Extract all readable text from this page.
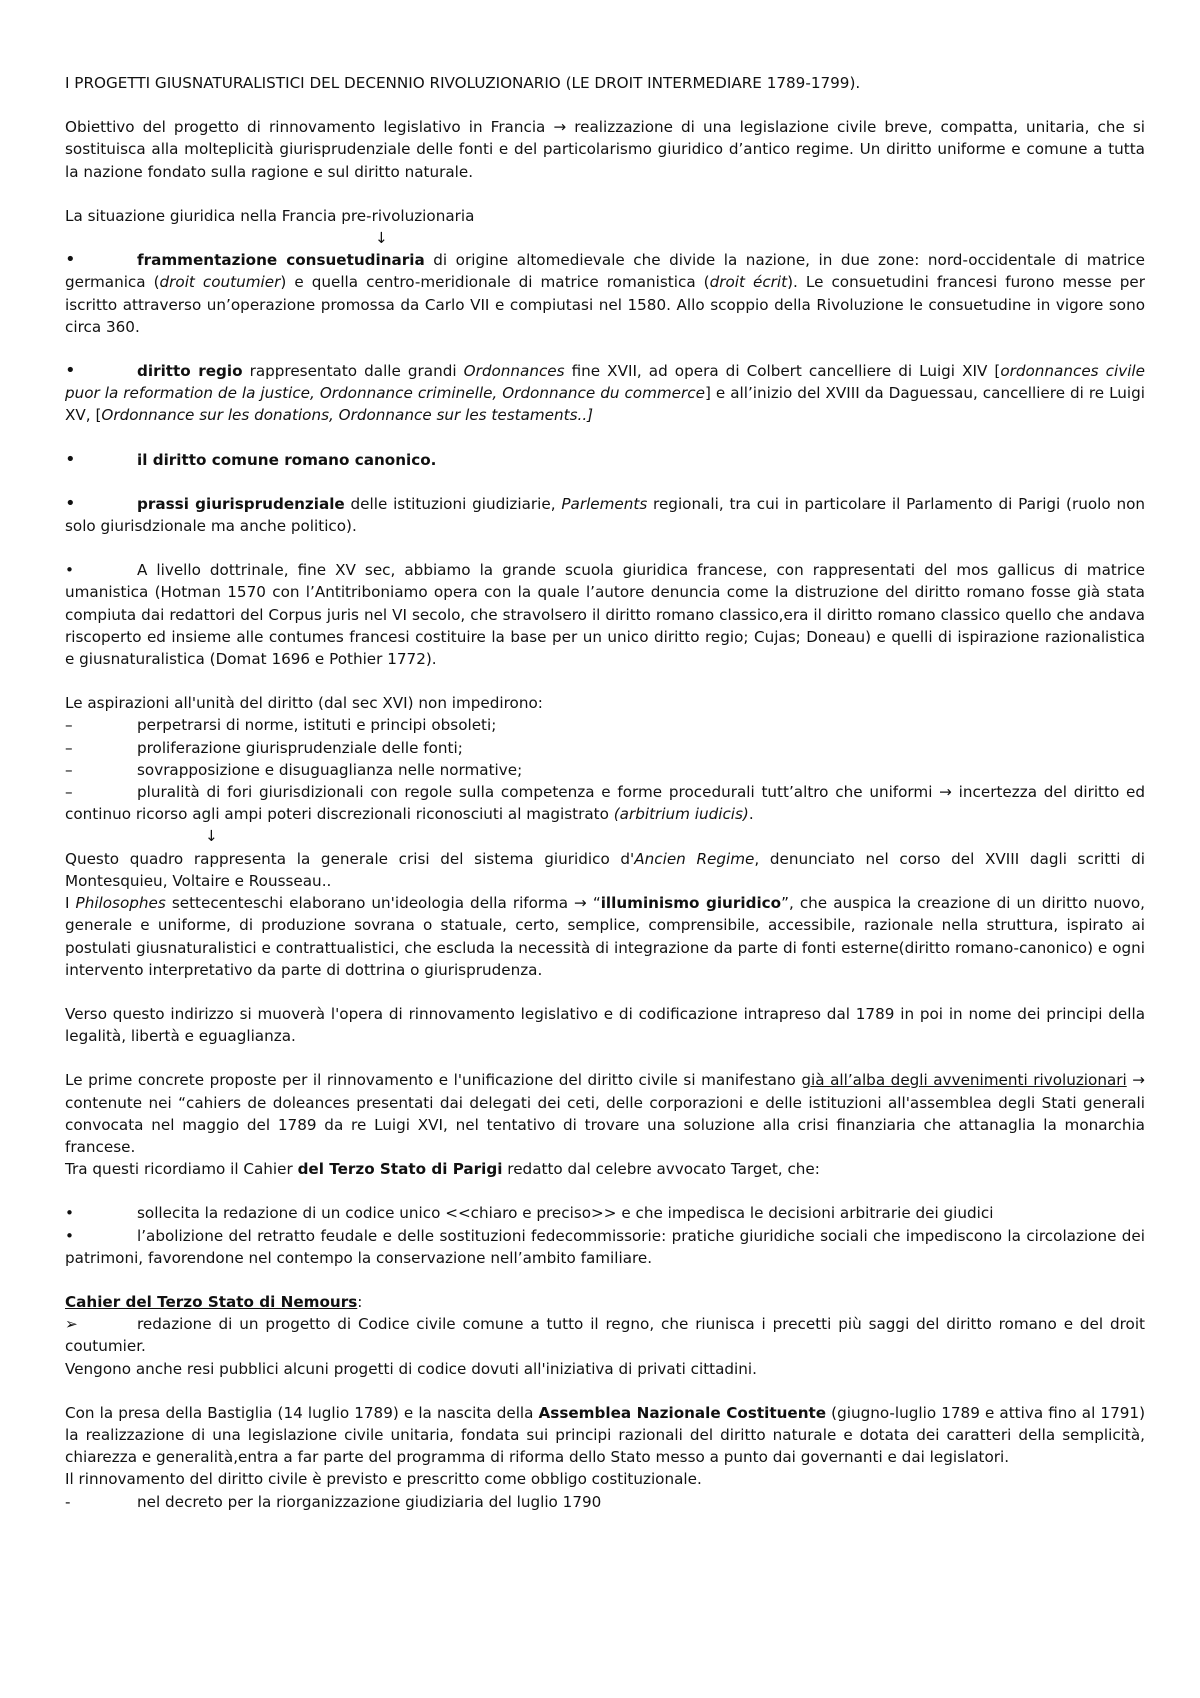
I PROGETTI GIUSNATURALISTICI DEL DECENNIO RIVOLUZIONARIO (LE DROIT INTERMEDIARE 1789-1799).

Obiettivo del progetto di rinnovamento legislativo in Francia → realizzazione di una legislazione civile breve, compatta, unitaria, che si sostituisca alla molteplicità giurisprudenziale delle fonti e del particolarismo giuridico d’antico regime. Un diritto uniforme e comune a tutta la nazione fondato sulla ragione e sul diritto naturale.

La situazione giuridica nella Francia pre-rivoluzionaria

↓

•	frammentazione consuetudinaria di origine altomedievale che divide la nazione, in due zone: nord-occidentale di matrice germanica (droit coutumier) e quella centro-meridionale di matrice romanistica (droit écrit). Le consuetudini francesi furono messe per iscritto attraverso un’operazione promossa da Carlo VII e compiutasi nel 1580. Allo scoppio della Rivoluzione le consuetudine in vigore sono circa 360.

•	diritto regio rappresentato dalle grandi Ordonnances fine XVII, ad opera di Colbert cancelliere di Luigi XIV [ordonnances civile puor la reformation de la justice, Ordonnance criminelle, Ordonnance du commerce] e all’inizio del XVIII da Daguessau, cancelliere di re Luigi XV, [Ordonnance sur les donations, Ordonnance sur les testaments..]

•	il diritto comune romano canonico.

•	prassi giurisprudenziale delle istituzioni giudiziarie, Parlements regionali, tra cui in particolare il Parlamento di Parigi (ruolo non solo giurisdzionale ma anche politico).

•	A livello dottrinale, fine XV sec, abbiamo la grande scuola giuridica francese, con rappresentati del mos gallicus di matrice umanistica (Hotman 1570 con l’Antitriboniamo opera con la quale l’autore denuncia come la distruzione del diritto romano fosse già stata compiuta dai redattori del Corpus juris nel VI secolo, che stravolsero il diritto romano classico,era il diritto romano classico quello che andava riscoperto ed insieme alle contumes francesi costituire la base per un unico diritto regio; Cujas; Doneau) e quelli di ispirazione razionalistica e giusnaturalistica (Domat 1696 e Pothier 1772).

Le aspirazioni all'unità del diritto (dal sec XVI) non impedirono:

–	perpetrarsi di norme, istituti e principi obsoleti;

–	proliferazione giurisprudenziale delle fonti;

–	sovrapposizione e disuguaglianza nelle normative;

–	pluralità di fori giurisdizionali con regole sulla competenza e forme procedurali tutt’altro che uniformi → incertezza del diritto ed continuo ricorso agli ampi poteri discrezionali riconosciuti al magistrato (arbitrium iudicis).

↓

Questo quadro rappresenta la generale crisi del sistema giuridico d'Ancien Regime, denunciato nel corso del XVIII dagli scritti di Montesquieu, Voltaire e Rousseau..

I Philosophes settecenteschi elaborano un'ideologia della riforma → “illuminismo giuridico”, che auspica la creazione di un diritto nuovo, generale e uniforme, di produzione sovrana o statuale, certo, semplice, comprensibile, accessibile, razionale nella struttura, ispirato ai postulati giusnaturalistici e contrattualistici, che escluda la necessità di integrazione da parte di fonti esterne(diritto romano-canonico) e ogni intervento interpretativo da parte di dottrina o giurisprudenza.

Verso questo indirizzo si muoverà l'opera di rinnovamento legislativo e di codificazione intrapreso dal 1789 in poi in nome dei principi della legalità, libertà e eguaglianza.

Le prime concrete proposte per il rinnovamento e l'unificazione del diritto civile si manifestano già all’alba degli avvenimenti rivoluzionari → contenute nei “cahiers de doleances presentati dai delegati dei ceti, delle corporazioni e delle istituzioni all'assemblea degli Stati generali convocata nel maggio del 1789 da re Luigi XVI, nel tentativo di trovare una soluzione alla crisi finanziaria che attanaglia la monarchia francese.

Tra questi ricordiamo il Cahier del Terzo Stato di Parigi redatto dal celebre avvocato Target, che:

•	sollecita la redazione di un codice unico <<chiaro e preciso>> e che impedisca le decisioni arbitrarie dei giudici

•	l’abolizione del retratto feudale e delle sostituzioni fedecommissorie: pratiche giuridiche sociali che impediscono la circolazione dei patrimoni, favorendone nel contempo la conservazione nell’ambito familiare.

Cahier del Terzo Stato di Nemours:

➢	redazione di un progetto di Codice civile comune a tutto il regno, che riunisca i precetti più saggi del diritto romano e del droit coutumier.

Vengono anche resi pubblici alcuni progetti di codice dovuti all'iniziativa di privati cittadini.

Con la presa della Bastiglia (14 luglio 1789) e la nascita della Assemblea Nazionale Costituente (giugno-luglio 1789 e attiva fino al 1791) la realizzazione di una legislazione civile unitaria, fondata sui principi razionali del diritto naturale e dotata dei caratteri della semplicità, chiarezza e generalità,entra a far parte del programma di riforma dello Stato messo a punto dai governanti e dai legislatori.

Il rinnovamento del diritto civile è previsto e prescritto come obbligo costituzionale.

-	nel decreto per la riorganizzazione giudiziaria del luglio 1790
